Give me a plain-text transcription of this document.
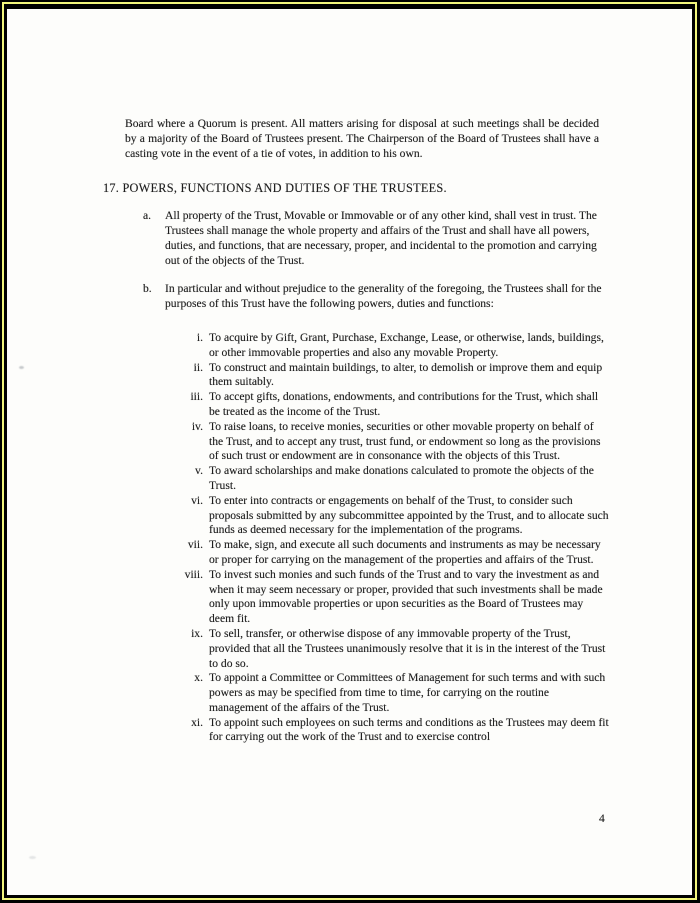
Board where a Quorum is present. All matters arising for disposal at such meetings shall be decided by a majority of the Board of Trustees present. The Chairperson of the Board of Trustees shall have a casting vote in the event of a tie of votes, in addition to his own.

17. POWERS, FUNCTIONS AND DUTIES OF THE TRUSTEES.

a.	All property of the Trust, Movable or Immovable or of any other kind, shall vest in trust. The Trustees shall manage the whole property and affairs of the Trust and shall have all powers, duties, and functions, that are necessary, proper, and incidental to the promotion and carrying out of the objects of the Trust.
b.	In particular and without prejudice to the generality of the foregoing, the Trustees shall for the purposes of this Trust have the following powers, duties and functions:
i. To acquire by Gift, Grant, Purchase, Exchange, Lease, or otherwise, lands, buildings, or other immovable properties and also any movable Property.
ii. To construct and maintain buildings, to alter, to demolish or improve them and equip them suitably.
iii. To accept gifts, donations, endowments, and contributions for the Trust, which shall be treated as the income of the Trust.
iv. To raise loans, to receive monies, securities or other movable property on behalf of the Trust, and to accept any trust, trust fund, or endowment so long as the provisions of such trust or endowment are in consonance with the objects of this Trust.
v. To award scholarships and make donations calculated to promote the objects of the Trust.
vi. To enter into contracts or engagements on behalf of the Trust, to consider such proposals submitted by any subcommittee appointed by the Trust, and to allocate such funds as deemed necessary for the implementation of the programs.
vii. To make, sign, and execute all such documents and instruments as may be necessary or proper for carrying on the management of the properties and affairs of the Trust.
viii. To invest such monies and such funds of the Trust and to vary the investment as and when it may seem necessary or proper, provided that such investments shall be made only upon immovable properties or upon securities as the Board of Trustees may deem fit.
ix. To sell, transfer, or otherwise dispose of any immovable property of the Trust, provided that all the Trustees unanimously resolve that it is in the interest of the Trust to do so.
x. To appoint a Committee or Committees of Management for such terms and with such powers as may be specified from time to time, for carrying on the routine management of the affairs of the Trust.
xi. To appoint such employees on such terms and conditions as the Trustees may deem fit for carrying out the work of the Trust and to exercise control
4
